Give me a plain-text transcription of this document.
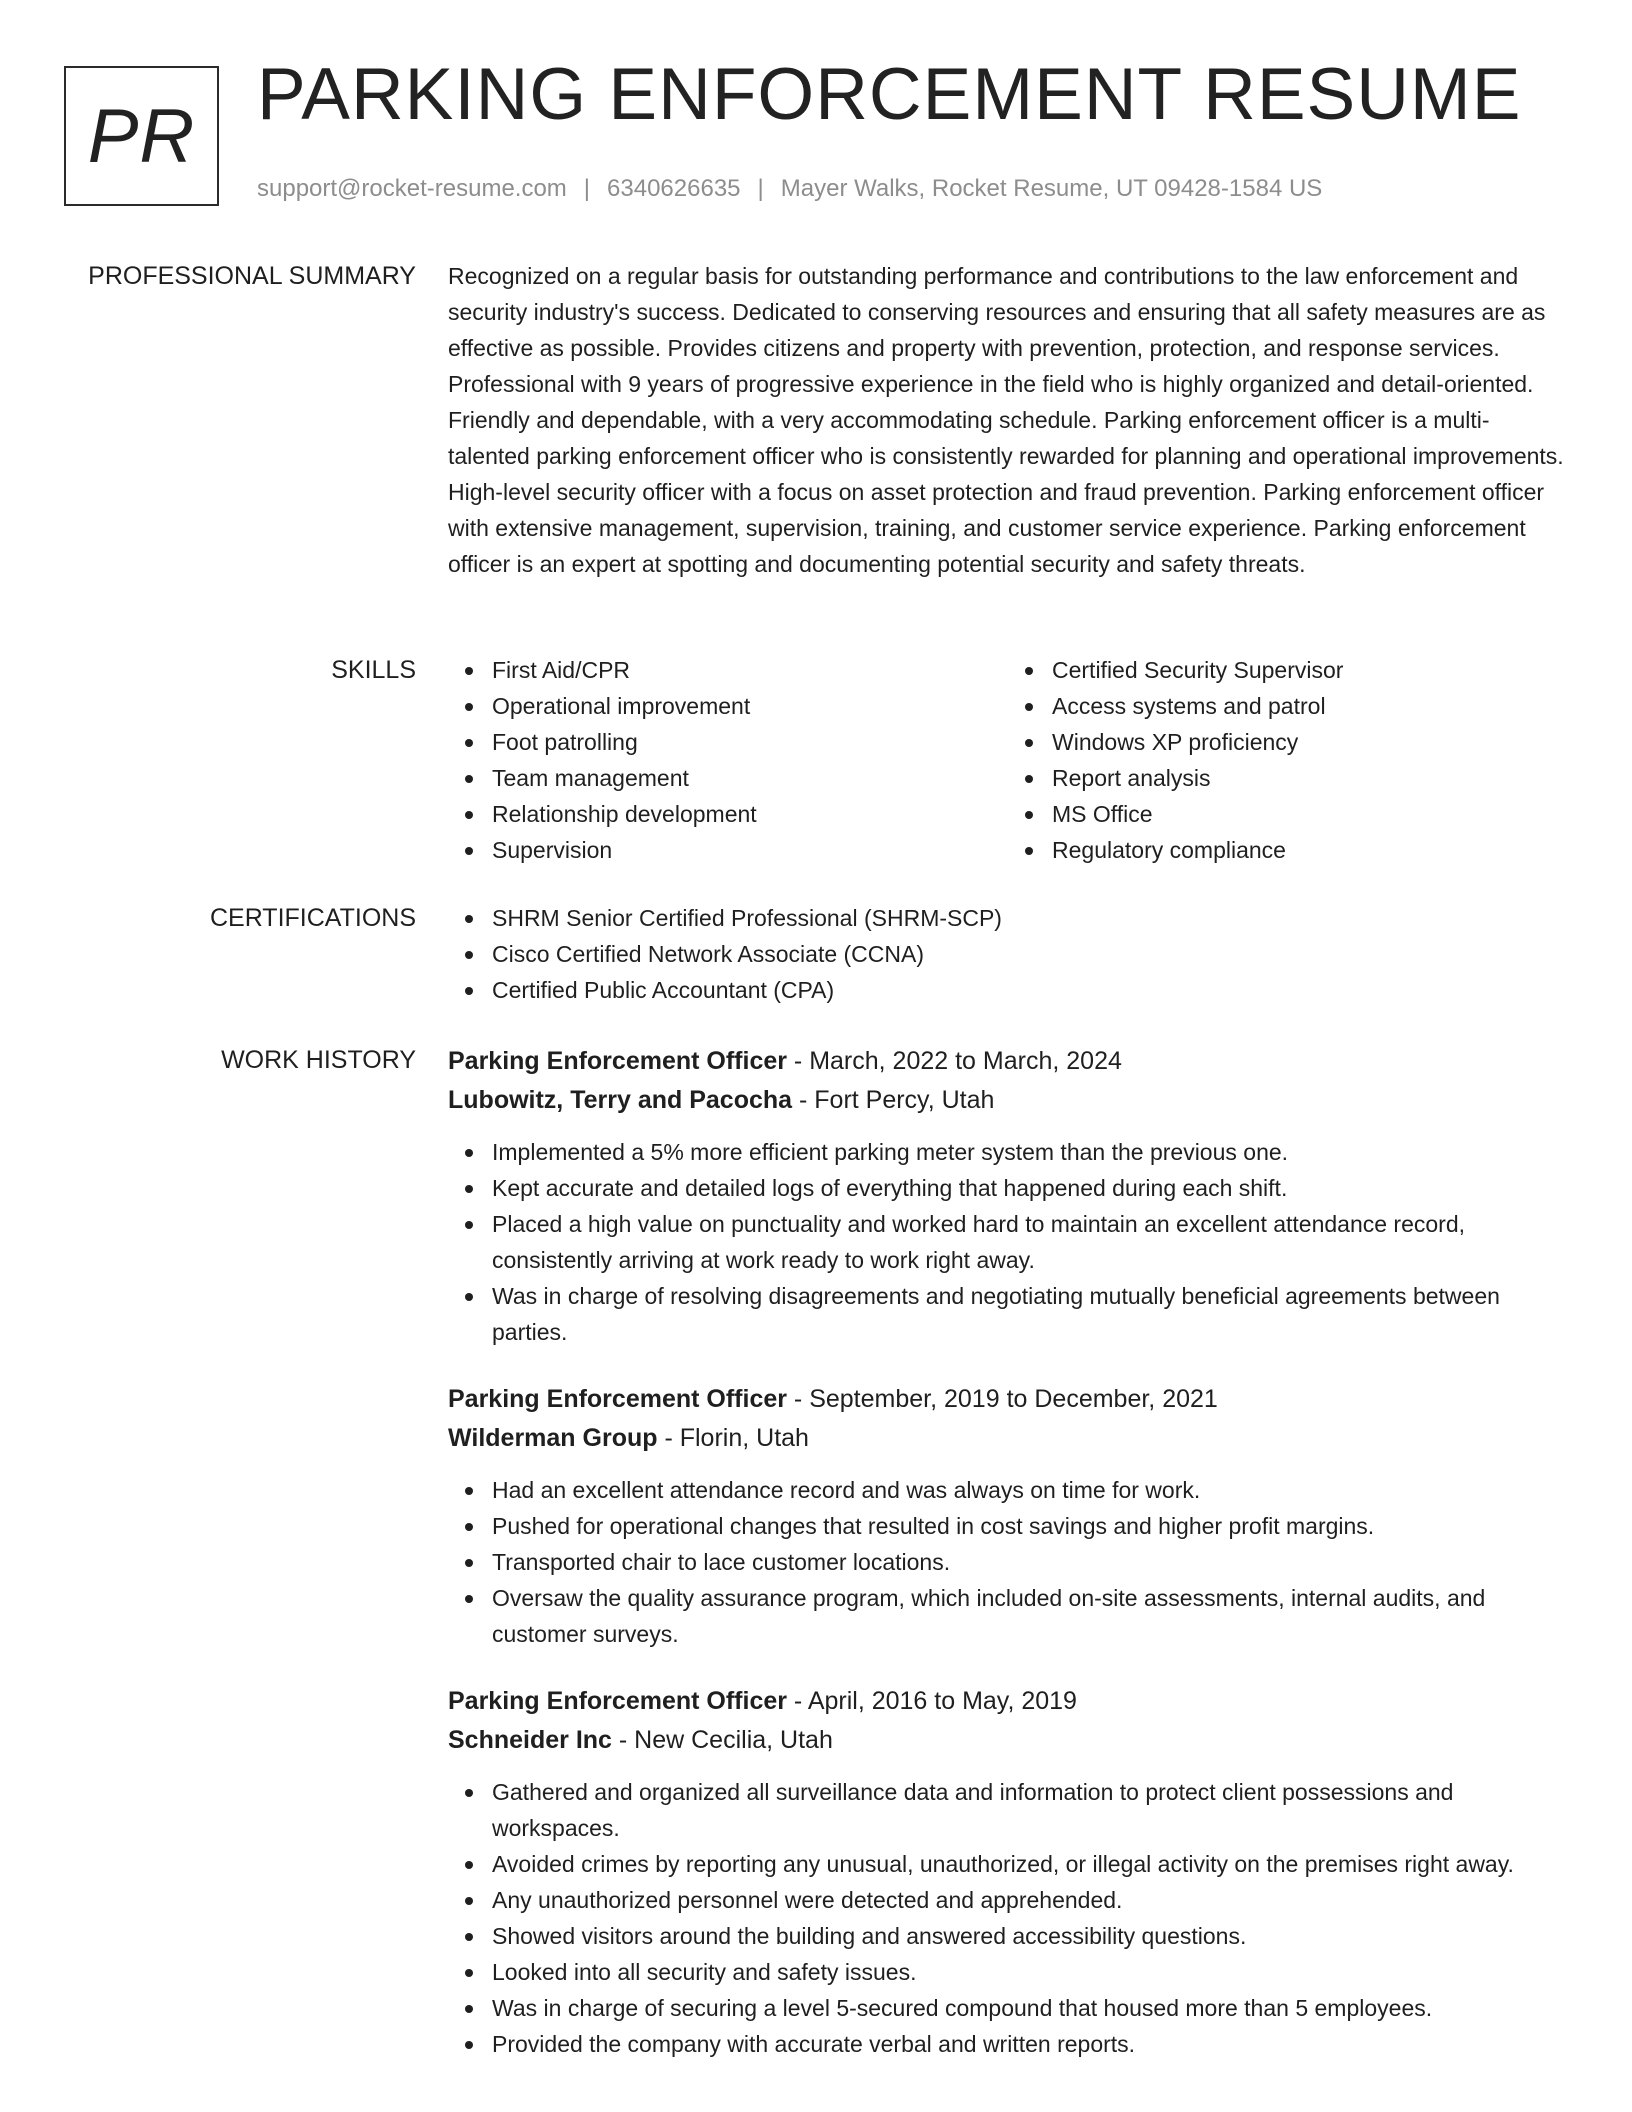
PR PARKING ENFORCEMENT RESUME
support@rocket-resume.com | 6340626635 | Mayer Walks, Rocket Resume, UT 09428-1584 US
PROFESSIONAL SUMMARY Recognized on a regular basis for outstanding performance and contributions to the law enforcement and security industry's success. Dedicated to conserving resources and ensuring that all safety measures are as effective as possible. Provides citizens and property with prevention, protection, and response services. Professional with 9 years of progressive experience in the field who is highly organized and detail-oriented. Friendly and dependable, with a very accommodating schedule. Parking enforcement officer is a multi-talented parking enforcement officer who is consistently rewarded for planning and operational improvements. High-level security officer with a focus on asset protection and fraud prevention. Parking enforcement officer with extensive management, supervision, training, and customer service experience. Parking enforcement officer is an expert at spotting and documenting potential security and safety threats.

SKILLS	First Aid/CPR
Operational improvement
Foot patrolling
Team management
Relationship development
Supervision
Certified Security Supervisor
Access systems and patrol
Windows XP proficiency
Report analysis
MS Office
Regulatory compliance
CERTIFICATIONS	SHRM Senior Certified Professional (SHRM-SCP)
Cisco Certified Network Associate (CCNA)
Certified Public Accountant (CPA)
WORK HISTORY Parking Enforcement Officer - March, 2022 to March, 2024
Lubowitz, Terry and Pacocha - Fort Percy, Utah
Implemented a 5% more efficient parking meter system than the previous one.
Kept accurate and detailed logs of everything that happened during each shift.
Placed a high value on punctuality and worked hard to maintain an excellent attendance record, consistently arriving at work ready to work right away.
Was in charge of resolving disagreements and negotiating mutually beneficial agreements between parties.
Parking Enforcement Officer - September, 2019 to December, 2021
Wilderman Group - Florin, Utah
Had an excellent attendance record and was always on time for work.
Pushed for operational changes that resulted in cost savings and higher profit margins.
Transported chair to lace customer locations.
Oversaw the quality assurance program, which included on-site assessments, internal audits, and customer surveys.
Parking Enforcement Officer - April, 2016 to May, 2019
Schneider Inc - New Cecilia, Utah
Gathered and organized all surveillance data and information to protect client possessions and workspaces.
Avoided crimes by reporting any unusual, unauthorized, or illegal activity on the premises right away.
Any unauthorized personnel were detected and apprehended.
Showed visitors around the building and answered accessibility questions.
Looked into all security and safety issues.
Was in charge of securing a level 5-secured compound that housed more than 5 employees.
Provided the company with accurate verbal and written reports.
